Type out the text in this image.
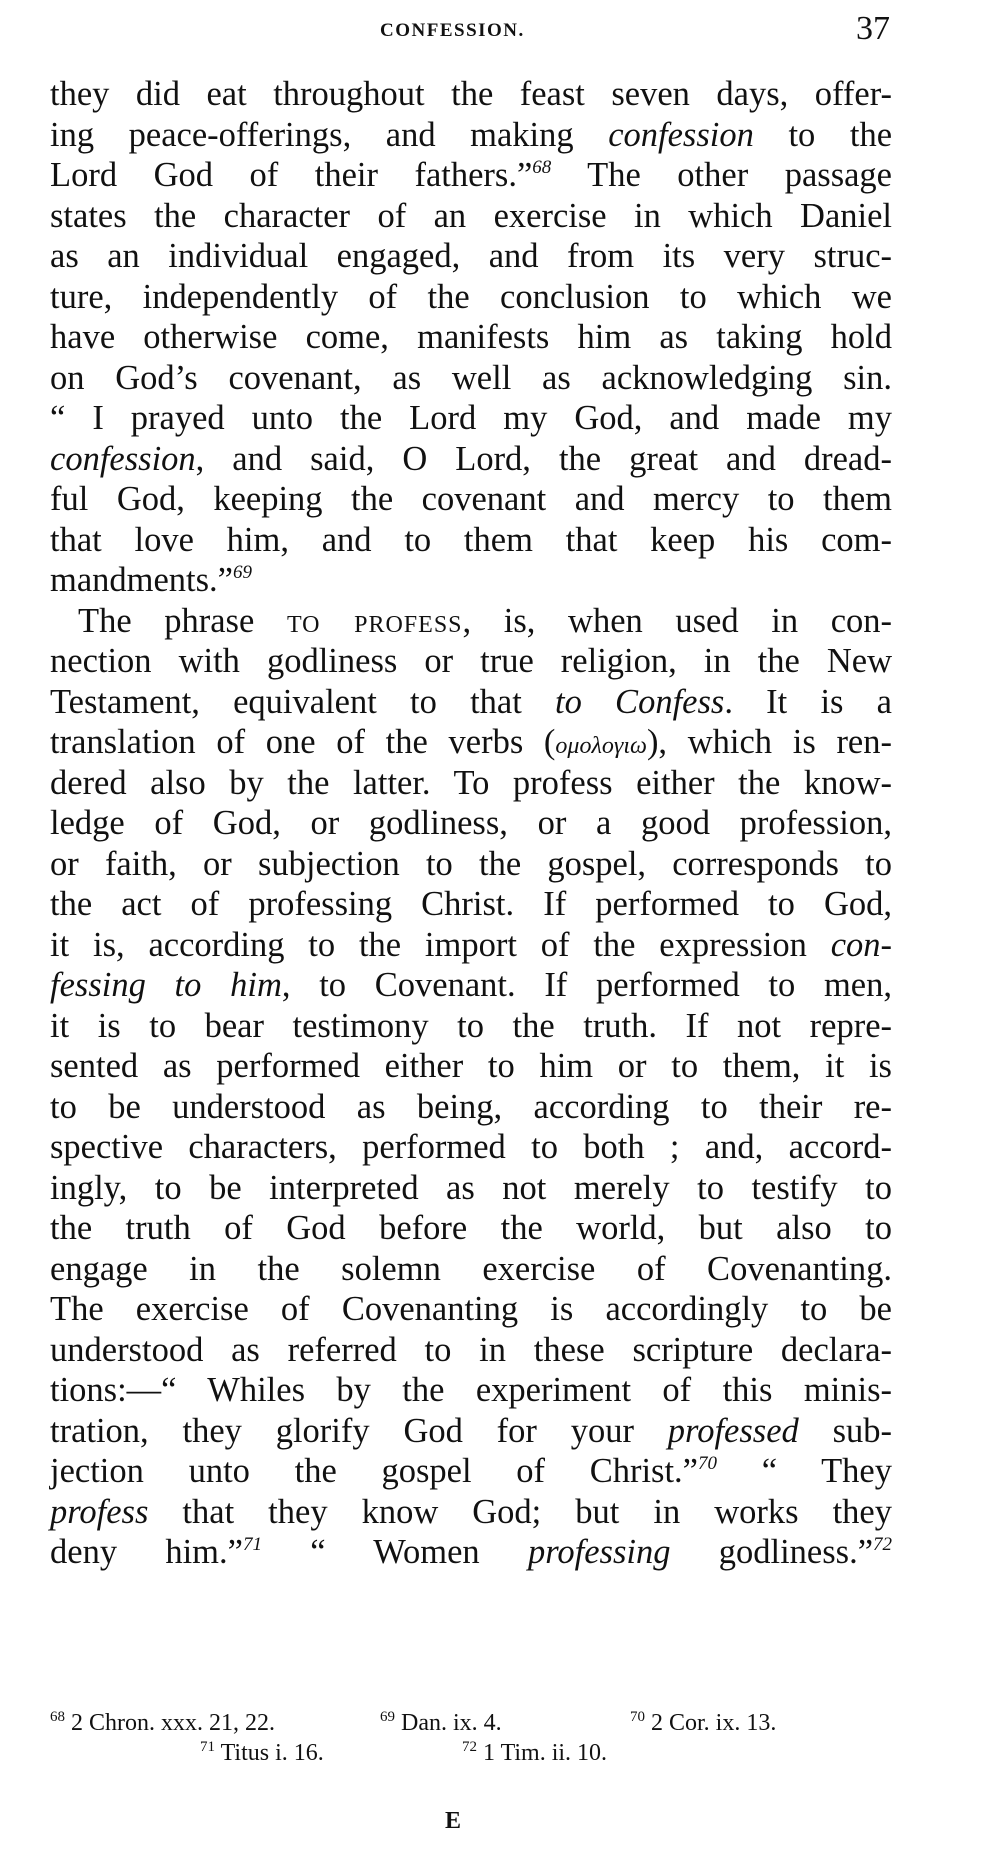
CONFESSION.	37
they did eat throughout the feast seven days, offer-
ing peace-offerings, and making confession to the
Lord God of their fathers.”$^{68}$ The other passage
states the character of an exercise in which Daniel
as an individual engaged, and from its very struc-
ture, independently of the conclusion to which we
have otherwise come, manifests him as taking hold
on God’s covenant, as well as acknowledging sin.
“ I prayed unto the Lord my God, and made my
confession, and said, O Lord, the great and dread-
ful God, keeping the covenant and mercy to them
that love him, and to them that keep his com-
mandments.”$^{69}$
The phrase to profess, is, when used in con-
nection with godliness or true religion, in the New
Testament, equivalent to that to Confess. It is a
translation of one of the verbs (ομολογιω), which is ren-
dered also by the latter. To profess either the know-
ledge of God, or godliness, or a good profession,
or faith, or subjection to the gospel, corresponds to
the act of professing Christ. If performed to God,
it is, according to the import of the expression con-
fessing to him, to Covenant. If performed to men,
it is to bear testimony to the truth. If not repre-
sented as performed either to him or to them, it is
to be understood as being, according to their re-
spective characters, performed to both ; and, accord-
ingly, to be interpreted as not merely to testify to
the truth of God before the world, but also to
engage in the solemn exercise of Covenanting.
The exercise of Covenanting is accordingly to be
understood as referred to in these scripture declara-
tions:—“ Whiles by the experiment of this minis-
tration, they glorify God for your professed sub-
jection unto the gospel of Christ.”$^{70}$ “ They
profess that they know God; but in works they
deny him.”$^{71}$ “ Women professing godliness.”$^{72}$
$^{68}$ 2 Chron. xxx. 21, 22.	$^{69}$ Dan. ix. 4.	$^{70}$ 2 Cor. ix. 13.
$^{71}$ Titus i. 16.	$^{72}$ 1 Tim. ii. 10.
E
